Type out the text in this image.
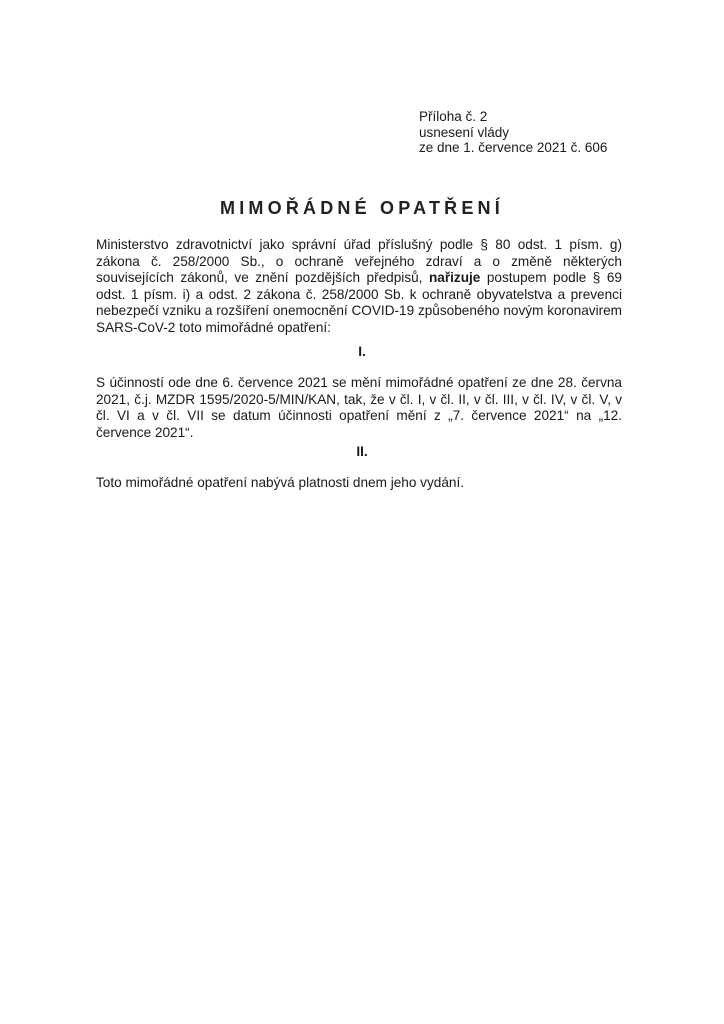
Příloha č. 2
usnesení vlády
ze dne 1. července 2021 č. 606
MIMOŘÁDNÉ OPATŘENÍ
Ministerstvo zdravotnictví jako správní úřad příslušný podle § 80 odst. 1 písm. g) zákona č. 258/2000 Sb., o ochraně veřejného zdraví a o změně některých souvisejících zákonů, ve znění pozdějších předpisů, nařizuje postupem podle § 69 odst. 1 písm. i) a odst. 2 zákona č. 258/2000 Sb. k ochraně obyvatelstva a prevenci nebezpečí vzniku a rozšíření onemocnění COVID-19 způsobeného novým koronavirem SARS-CoV-2 toto mimořádné opatření:
I.
S účinností ode dne 6. července 2021 se mění mimořádné opatření ze dne 28. června 2021, č.j. MZDR 1595/2020-5/MIN/KAN, tak, že v čl. I, v čl. II, v čl. III, v čl. IV, v čl. V, v čl. VI a v čl. VII se datum účinnosti opatření mění z „7. července 2021“ na „12. července 2021“.
II.
Toto mimořádné opatření nabývá platnosti dnem jeho vydání.
